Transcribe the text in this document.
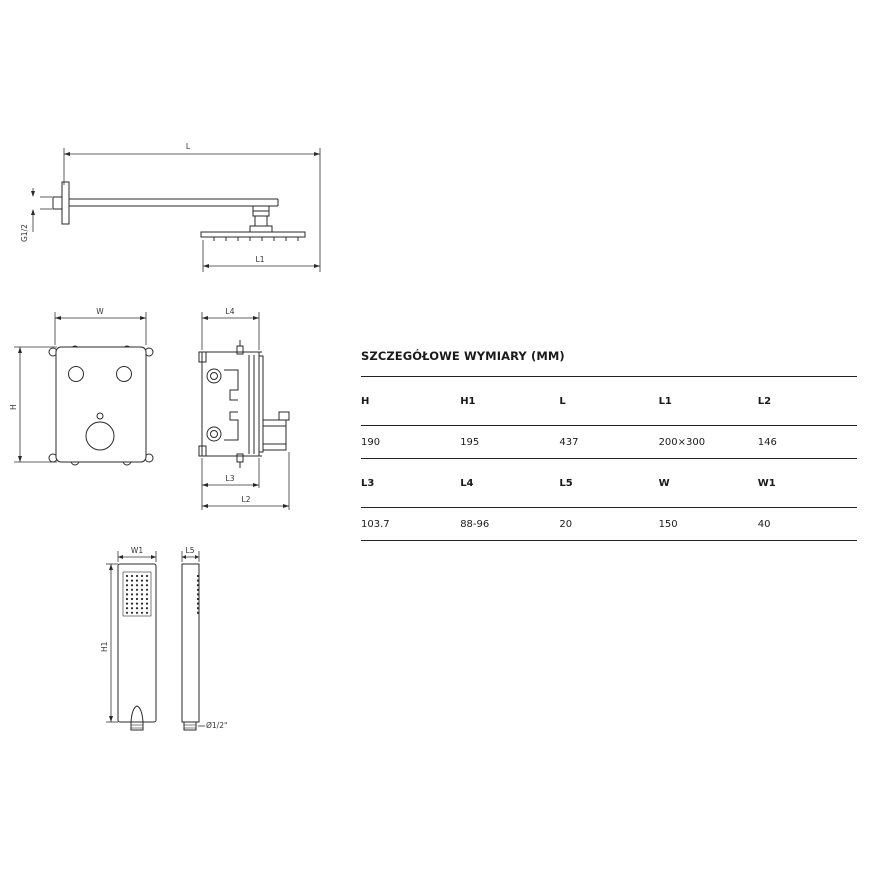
L
G1/2
L1
W
H
L4
L3
L2
W1
H1
L5
Ø1/2"
SZCZEGÓŁOWE WYMIARY (MM)
H	H1	L	L1	L2
190	195	437	200×300	146
L3	L4	L5	W	W1
103.7	88-96	20	150	40
